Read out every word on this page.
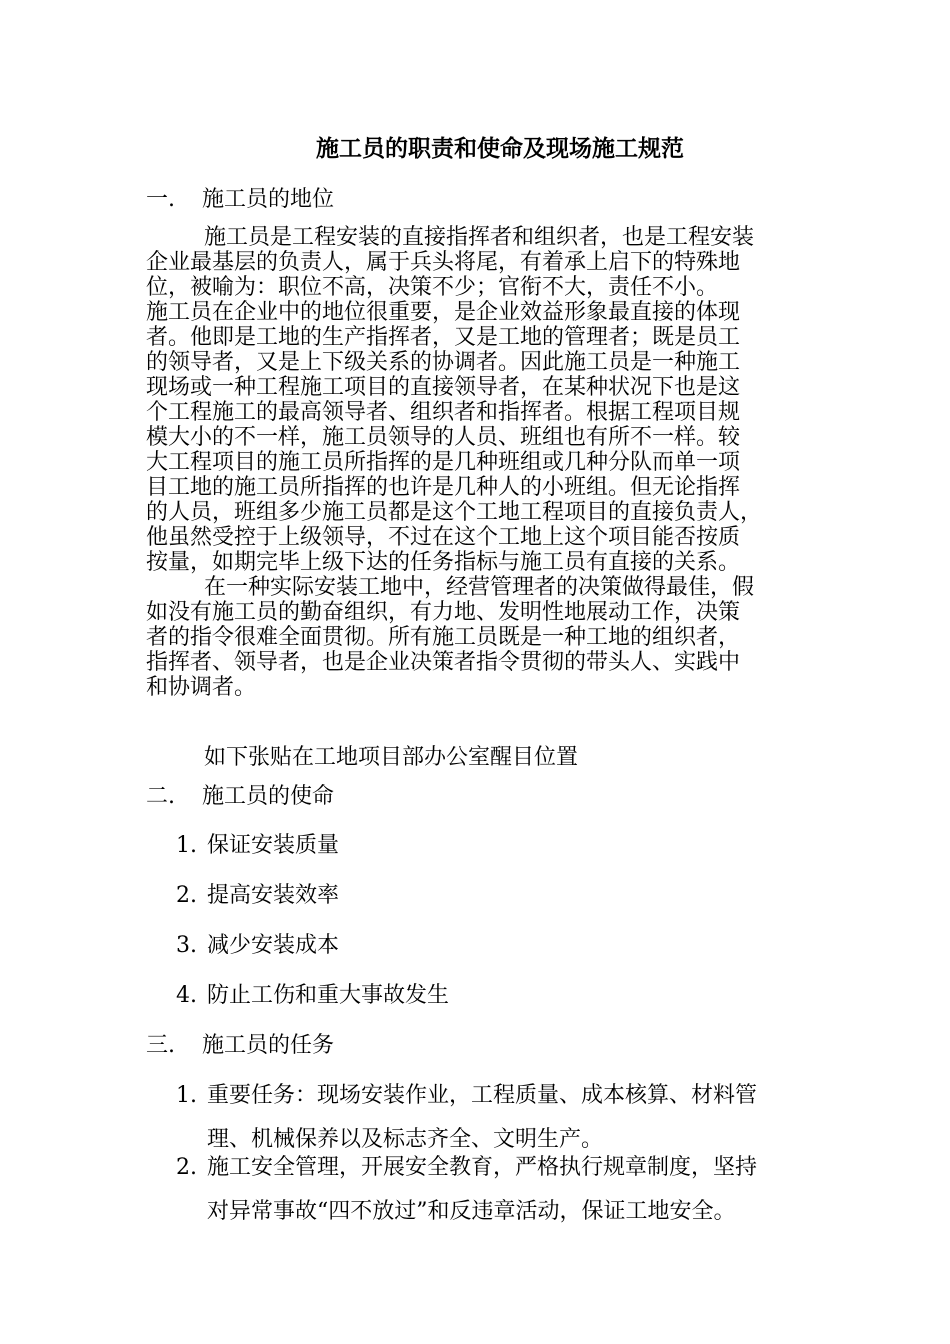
施工员的职责和使命及现场施工规范
一. 施工员的地位
施工员是工程安装的直接指挥者和组织者，也是工程安装
企业最基层的负责人，属于兵头将尾，有着承上启下的特殊地
位，被喻为：职位不高，决策不少；官衔不大，责任不小。
施工员在企业中的地位很重要，是企业效益形象最直接的体现
者。他即是工地的生产指挥者，又是工地的管理者；既是员工
的领导者，又是上下级关系的协调者。因此施工员是一种施工
现场或一种工程施工项目的直接领导者，在某种状况下也是这
个工程施工的最高领导者、组织者和指挥者。根据工程项目规
模大小的不一样，施工员领导的人员、班组也有所不一样。较
大工程项目的施工员所指挥的是几种班组或几种分队而单一项
目工地的施工员所指挥的也许是几种人的小班组。但无论指挥
的人员，班组多少施工员都是这个工地工程项目的直接负责人，
他虽然受控于上级领导，不过在这个工地上这个项目能否按质
按量，如期完毕上级下达的任务指标与施工员有直接的关系。
在一种实际安装工地中，经营管理者的决策做得最佳，假
如没有施工员的勤奋组织，有力地、发明性地展动工作，决策
者的指令很难全面贯彻。所有施工员既是一种工地的组织者，
指挥者、领导者，也是企业决策者指令贯彻的带头人、实践中
和协调者。
如下张贴在工地项目部办公室醒目位置
二. 施工员的使命
1. 保证安装质量
2. 提高安装效率
3. 减少安装成本
4. 防止工伤和重大事故发生
三. 施工员的任务
1. 重要任务：现场安装作业，工程质量、成本核算、材料管
理、机械保养以及标志齐全、文明生产。
2. 施工安全管理，开展安全教育，严格执行规章制度，坚持
对异常事故“四不放过”和反违章活动，保证工地安全。
